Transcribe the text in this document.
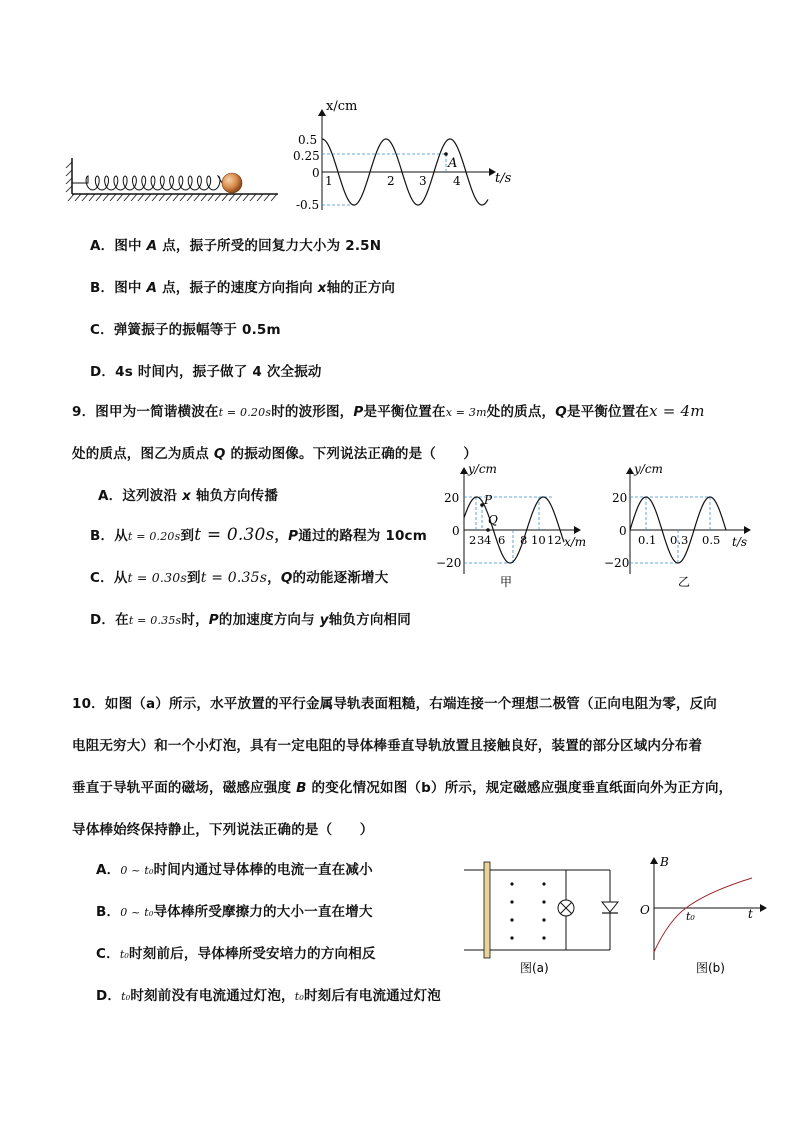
x/cm
t/s
0.5
0.25
0
-0.5
1	2 3 4
A
A．图中 A 点，振子所受的回复力大小为 2.5N
B．图中 A 点，振子的速度方向指向 x轴的正方向
C．弹簧振子的振幅等于 0.5m
D．4s 时间内，振子做了 4 次全振动
9．图甲为一简谐横波在t = 0.20s时的波形图，P是平衡位置在x = 3m处的质点，Q是平衡位置在x = 4m
处的质点，图乙为质点 Q 的振动图像。下列说法正确的是（　　）
A．这列波沿 x 轴负方向传播
B．从t = 0.20s到t = 0.30s，P通过的路程为 10cm
C．从t = 0.30s到t = 0.35s，Q的动能逐渐增大
D．在t = 0.35s时，P的加速度方向与 y轴负方向相同
y/cm
x/m
20
0
−20
2 3 4 6 8 10 12
P
Q
甲
y/cm
t/s
20
0
−20
0.1 0.3 0.5
乙
10．如图（a）所示，水平放置的平行金属导轨表面粗糙，右端连接一个理想二极管（正向电阻为零，反向
电阻无穷大）和一个小灯泡，具有一定电阻的导体棒垂直导轨放置且接触良好，装置的部分区域内分布着
垂直于导轨平面的磁场，磁感应强度 B 的变化情况如图（b）所示，规定磁感应强度垂直纸面向外为正方向，
导体棒始终保持静止，下列说法正确的是（　　）
A．0 ~ t₀时间内通过导体棒的电流一直在减小
B．0 ~ t₀导体棒所受摩擦力的大小一直在增大
C．t₀时刻前后，导体棒所受安培力的方向相反
D．t₀时刻前没有电流通过灯泡，t₀时刻后有电流通过灯泡
图(a)
B
t
O	t₀
图(b)
